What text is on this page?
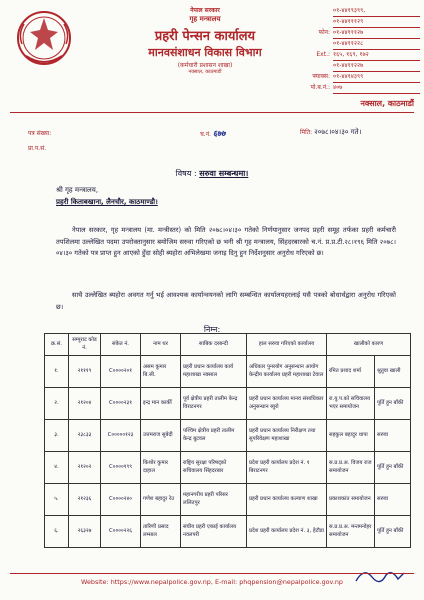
नेपाल सरकार
गृह मन्त्रालय
प्रहरी पेन्सन कार्यालय
मानवसंशाधन विकास विभाग
(कर्मचारी प्रशासन शाखा)
नक्साल, काठमाडौं
०१-४४१९३९९,
०१-४४१११२९
फोन: ०१-४४१११२७
०१-४४११२२८
Ext.: १६५, १६९, १७२
०१-४४११२२७
फ्याक्स: ०१-४४१४३९९
पो.ब.नं.: ४०७
नक्साल, काठमाडौं
पत्र संख्या:
प्रा.प.सं.
च.नं. ६७७	मिति: २०७८।०४।३० गते।
विषय : सरुवा सम्बन्धमा।
श्री गृह मन्त्रालय,
प्रहरी किताबखाना, लैनचौर, काठमाण्डौ।
नेपाल सरकार, गृह मन्त्रालय (मा. मन्त्रीस्तर) को मिति २०७८।०४।३० गतेको निर्णयानुसार जनपद प्रहरी समूह तर्फका प्रहरी कर्मचारी तपशिलमा उल्लेखित पदमा उपरोक्तानुसार बमोजिम सरुवा गरिएको छ भनी श्री गृह मन्त्रालय, सिंहदरबारको च.नं. प्र.प्र.टी.२८।१९६ मिति २०७८।०४।३० गतेको पत्र प्राप्त हुन आएको हुँदा सोही ब्यहोरा अभिलेखमा जनाइ दिनु हुन निर्देशनुसार अनुरोध गरिएको छ।
साथै उल्लेखित ब्यहोरा अवगत गर्नु भई आवश्यक कार्यान्वयनको लागि सम्बन्धित कार्यालयहरलाई यसै पत्रको बोधार्थद्वारा अनुरोध गरिएको छ।
निम्न:
क्र.सं.	सम्पुराट कोड नं.	संकेत नं.	नाम थर	साबिक दरबन्दी	हाल सरुवा गरिएको कार्यालय	खालीको कारण	
१.	२१११९	C००००२०१	असम कुमार बि.सी.	प्रहरी प्रधान कार्यालय कार्य महाशाखा नक्साल	अधिकार पुनरयोग अनुसन्धान आयोग केन्द्रीय कार्यालय प्रहरी महाशाखा टेवाल	रमित प्रशाद शर्मा	श्रुतुवा खाली
२.	२१२०४	C००००२३१	इन्द्र मान कार्की	पूर्व क्षेत्रीय प्रहरी तालीम केन्द्र विराटनगर	प्रहरी प्रधान कार्यालय मानव संसाधिकार अनुसन्धान ब्युरो	रा.यु.प.को सचिवालय भएर समायोजन	पूर्ति हुन बाँकी
३.	२३८३३	C०००००१२३	उत्तमराज सुबेदी	पश्चिम क्षेत्रीय प्रहरी तालीम केन्द्र बुटवल	प्रहरी प्रधान कार्यालय निरीक्षण तथा सुपरिवेक्षण महाशाखा	सहकुल बहादुर थापा	सरुवा
४.	२१२०२	C००००१९९	किशोर कुमार दाहाल	राष्ट्रिय सुरक्षा परिषद्को सचिवालय सिंहदरबार	प्रदेश प्रहरी कार्यालय प्रदेश नं. १ बिराटनगर	स.प्र.प्र.अ. विजय राज समायोजन	पूर्ति हुन बाँकी
५.	२१२३६	C००००२४०	गणेश बहादुर रेउ	महानगरीय प्रहरी परिसर ललितपुर	प्रहरी प्रधान कार्यालय कल्याण शाखा	प्रकाशकांत समायोजन	सरुवा
६.	२६३२७	C००००२२६	तारिणी प्रसाद लम्साल	संघीय प्रहरी एकाई कार्यालय नवलपरी	प्रदेश प्रहरी कार्यालय प्रदेश नं. ३, हेटौडा	स.प्र.प्र.अ. मन्तमनोहर समायोजन	पूर्ति हुन बाँकी
Website: https://www.nepalpolice.gov.np, E-mail: phqpension@nepalpolice.gov.np
